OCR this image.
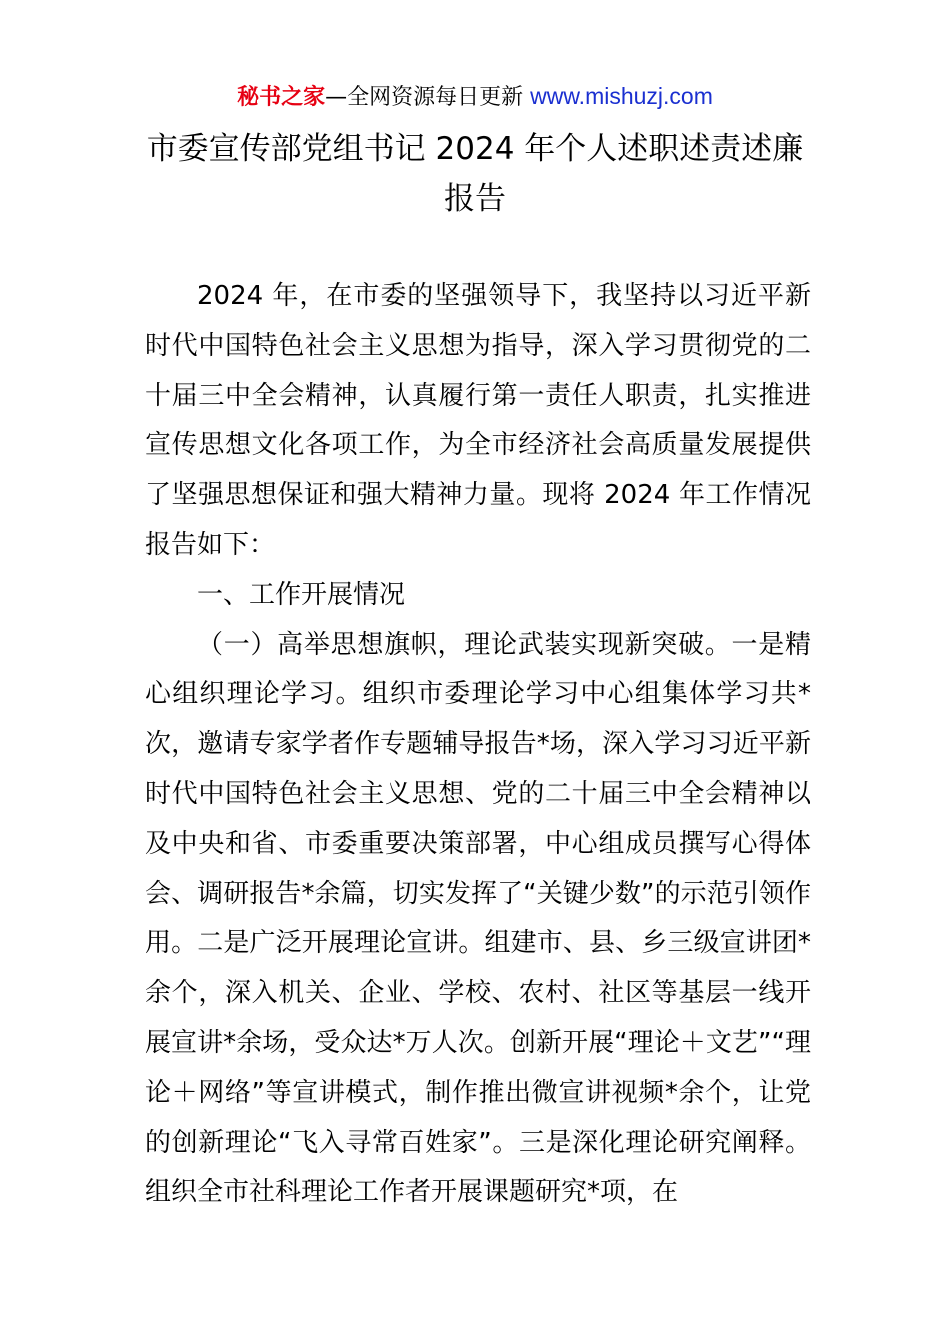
秘书之家—全网资源每日更新 www.mishuzj.com
市委宣传部党组书记 2024 年个人述职述责述廉报告

2024 年，在市委的坚强领导下，我坚持以习近平新时代中国特色社会主义思想为指导，深入学习贯彻党的二十届三中全会精神，认真履行第一责任人职责，扎实推进宣传思想文化各项工作，为全市经济社会高质量发展提供了坚强思想保证和强大精神力量。现将 2024 年工作情况报告如下：

一、工作开展情况

（一）高举思想旗帜，理论武装实现新突破。一是精心组织理论学习。组织市委理论学习中心组集体学习共*次，邀请专家学者作专题辅导报告*场，深入学习习近平新时代中国特色社会主义思想、党的二十届三中全会精神以及中央和省、市委重要决策部署，中心组成员撰写心得体会、调研报告*余篇，切实发挥了“关键少数”的示范引领作用。二是广泛开展理论宣讲。组建市、县、乡三级宣讲团*余个，深入机关、企业、学校、农村、社区等基层一线开展宣讲*余场，受众达*万人次。创新开展“理论＋文艺”“理论＋网络”等宣讲模式，制作推出微宣讲视频*余个，让党的创新理论“飞入寻常百姓家”。三是深化理论研究阐释。组织全市社科理论工作者开展课题研究*项，在
